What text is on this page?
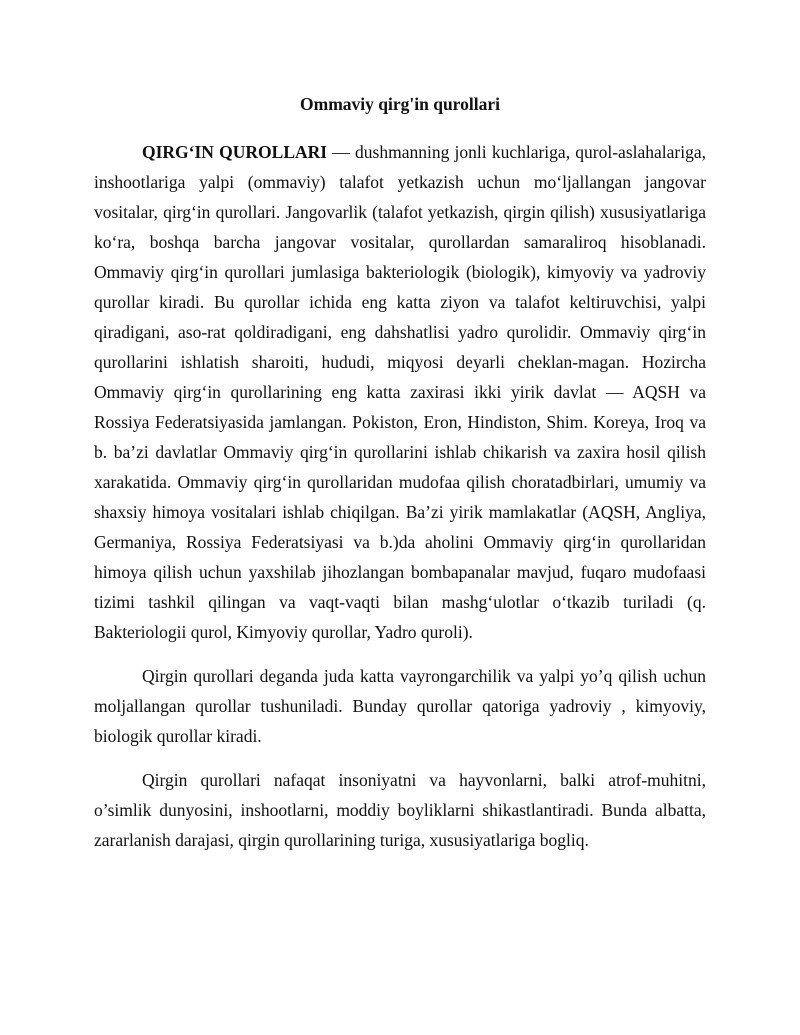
Ommaviy qirg'in qurollari

QIRG‘IN QUROLLARI — dushmanning jonli kuchlariga, qurol-aslahalariga, inshootlariga yalpi (ommaviy) talafot yetkazish uchun mo‘ljallangan jangovar vositalar, qirg‘in qurollari. Jangovarlik (talafot yetkazish, qirgin qilish) xususiyatlariga ko‘ra, boshqa barcha jangovar vositalar, qurollardan samaraliroq hisoblanadi. Ommaviy qirg‘in qurollari jumlasiga bakteriologik (biologik), kimyoviy va yadroviy qurollar kiradi. Bu qurollar ichida eng katta ziyon va talafot keltiruvchisi, yalpi qiradigani, aso-rat qoldiradigani, eng dahshatlisi yadro qurolidir. Ommaviy qirg‘in qurollarini ishlatish sharoiti, hududi, miqyosi deyarli cheklan-magan. Hozircha Ommaviy qirg‘in qurollarining eng katta zaxirasi ikki yirik davlat — AQSH va Rossiya Federatsiyasida jamlangan. Pokiston, Eron, Hindiston, Shim. Koreya, Iroq va b. ba’zi davlatlar Ommaviy qirg‘in qurollarini ishlab chikarish va zaxira hosil qilish xarakatida. Ommaviy qirg‘in qurollaridan mudofaa qilish choratadbirlari, umumiy va shaxsiy himoya vositalari ishlab chiqilgan. Ba’zi yirik mamlakatlar (AQSH, Angliya, Germaniya, Rossiya Federatsiyasi va b.)da aholini Ommaviy qirg‘in qurollaridan himoya qilish uchun yaxshilab jihozlangan bombapanalar mavjud, fuqaro mudofaasi tizimi tashkil qilingan va vaqt-vaqti bilan mashg‘ulotlar o‘tkazib turiladi (q. Bakteriologii qurol, Kimyoviy qurollar, Yadro quroli).

Qirgin qurollari deganda juda katta vayrongarchilik va yalpi yo’q qilish uchun moljallangan qurollar tushuniladi. Bunday qurollar qatoriga yadroviy , kimyoviy, biologik qurollar kiradi.

Qirgin qurollari nafaqat insoniyatni va hayvonlarni, balki atrof-muhitni, o’simlik dunyosini, inshootlarni, moddiy boyliklarni shikastlantiradi. Bunda albatta, zararlanish darajasi, qirgin qurollarining turiga, xususiyatlariga bogliq.
